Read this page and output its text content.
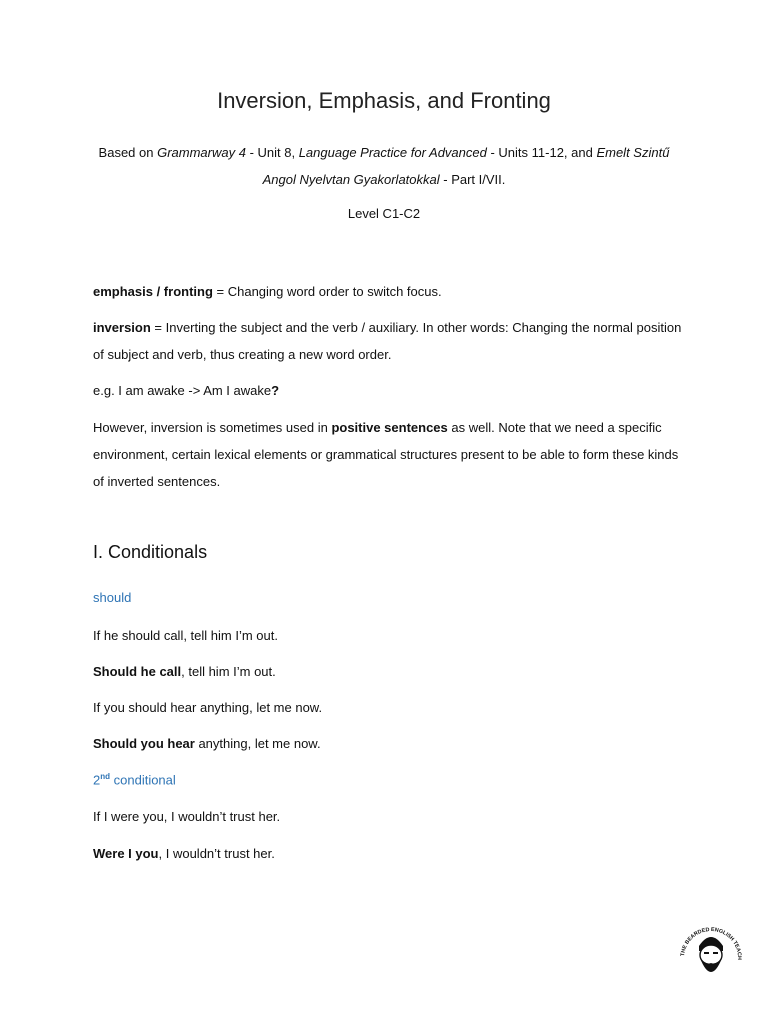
Inversion, Emphasis, and Fronting
Based on Grammarway 4 - Unit 8, Language Practice for Advanced - Units 11-12, and Emelt Szintű Angol Nyelvtan Gyakorlatokkal - Part I/VII.
Level C1-C2
emphasis / fronting = Changing word order to switch focus.
inversion = Inverting the subject and the verb / auxiliary. In other words: Changing the normal position of subject and verb, thus creating a new word order.
e.g. I am awake -> Am I awake?
However, inversion is sometimes used in positive sentences as well. Note that we need a specific environment, certain lexical elements or grammatical structures present to be able to form these kinds of inverted sentences.
I. Conditionals
should
If he should call, tell him I’m out.
Should he call, tell him I’m out.
If you should hear anything, let me now.
Should you hear anything, let me now.
2nd conditional
If I were you, I wouldn’t trust her.
Were I you, I wouldn’t trust her.
THE BEARDED ENGLISH TEACH
